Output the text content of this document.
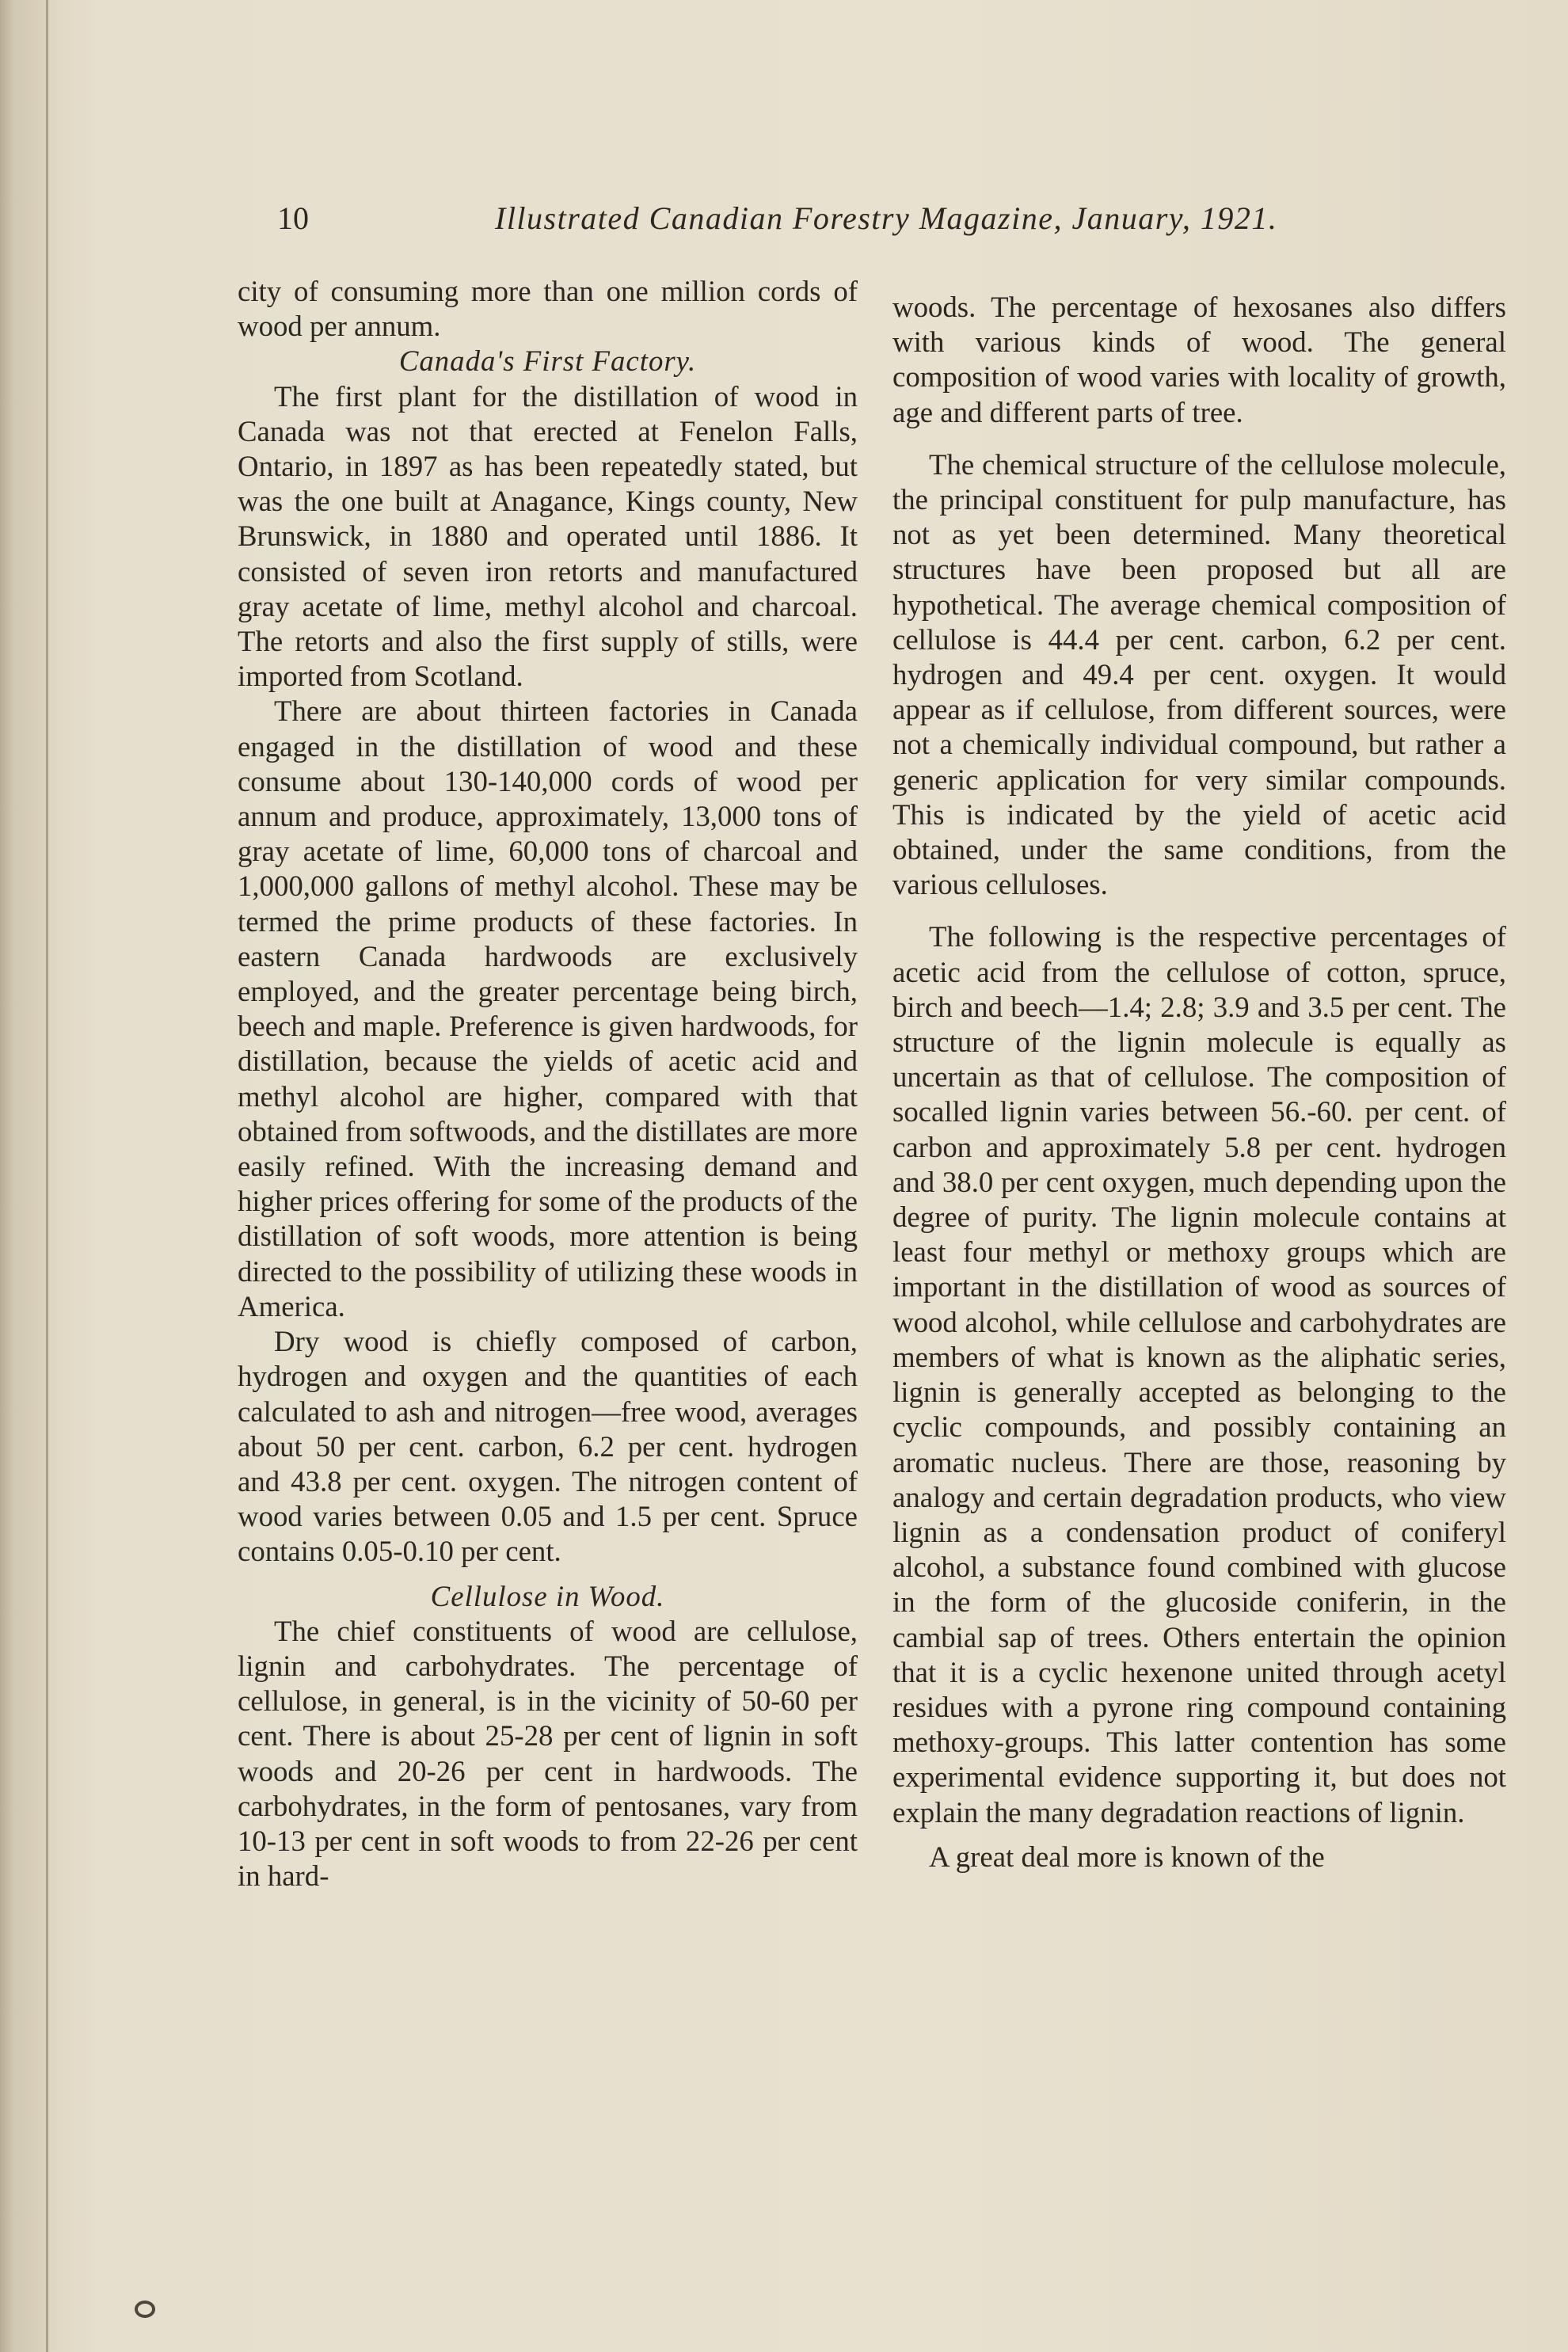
10	Illustrated Canadian Forestry Magazine, January, 1921.

city of consuming more than one million cords of wood per annum.

Canada's First Factory.

The first plant for the distillation of wood in Canada was not that erected at Fenelon Falls, Ontario, in 1897 as has been repeatedly stated, but was the one built at Anagance, Kings county, New Brunswick, in 1880 and operated until 1886. It consisted of seven iron retorts and manufactured gray acetate of lime, methyl alcohol and charcoal. The retorts and also the first supply of stills, were imported from Scotland.

There are about thirteen factories in Canada engaged in the distillation of wood and these consume about 130-140,000 cords of wood per annum and produce, approximately, 13,000 tons of gray acetate of lime, 60,000 tons of charcoal and 1,000,000 gallons of methyl alcohol. These may be termed the prime products of these factories. In eastern Canada hardwoods are exclusively employed, and the greater percentage being birch, beech and maple. Preference is given hardwoods, for distillation, because the yields of acetic acid and methyl alcohol are higher, compared with that obtained from softwoods, and the distillates are more easily refined. With the increasing demand and higher prices offering for some of the products of the distillation of soft woods, more attention is being directed to the possibility of utilizing these woods in America.

Dry wood is chiefly composed of carbon, hydrogen and oxygen and the quantities of each calculated to ash and nitrogen—free wood, averages about 50 per cent. carbon, 6.2 per cent. hydrogen and 43.8 per cent. oxygen. The nitrogen content of wood varies between 0.05 and 1.5 per cent. Spruce contains 0.05-0.10 per cent.

Cellulose in Wood.

The chief constituents of wood are cellulose, lignin and carbohydrates. The percentage of cellulose, in general, is in the vicinity of 50-60 per cent. There is about 25-28 per cent of lignin in soft woods and 20-26 per cent in hardwoods. The carbohydrates, in the form of pentosanes, vary from 10-13 per cent in soft woods to from 22-26 per cent in hard-

woods. The percentage of hexosanes also differs with various kinds of wood. The general composition of wood varies with locality of growth, age and different parts of tree.

The chemical structure of the cellulose molecule, the principal constituent for pulp manufacture, has not as yet been determined. Many theoretical structures have been proposed but all are hypothetical. The average chemical composition of cellulose is 44.4 per cent. carbon, 6.2 per cent. hydrogen and 49.4 per cent. oxygen. It would appear as if cellulose, from different sources, were not a chemically individual compound, but rather a generic application for very similar compounds. This is indicated by the yield of acetic acid obtained, under the same conditions, from the various celluloses.

The following is the respective percentages of acetic acid from the cellulose of cotton, spruce, birch and beech—1.4; 2.8; 3.9 and 3.5 per cent. The structure of the lignin molecule is equally as uncertain as that of cellulose. The composition of socalled lignin varies between 56.-60. per cent. of carbon and approximately 5.8 per cent. hydrogen and 38.0 per cent oxygen, much depending upon the degree of purity. The lignin molecule contains at least four methyl or methoxy groups which are important in the distillation of wood as sources of wood alcohol, while cellulose and carbohydrates are members of what is known as the aliphatic series, lignin is generally accepted as belonging to the cyclic compounds, and possibly containing an aromatic nucleus. There are those, reasoning by analogy and certain degradation products, who view lignin as a condensation product of coniferyl alcohol, a substance found combined with glucose in the form of the glucoside coniferin, in the cambial sap of trees. Others entertain the opinion that it is a cyclic hexenone united through acetyl residues with a pyrone ring compound containing methoxy-groups. This latter contention has some experimental evidence supporting it, but does not explain the many degradation reactions of lignin.

A great deal more is known of the
